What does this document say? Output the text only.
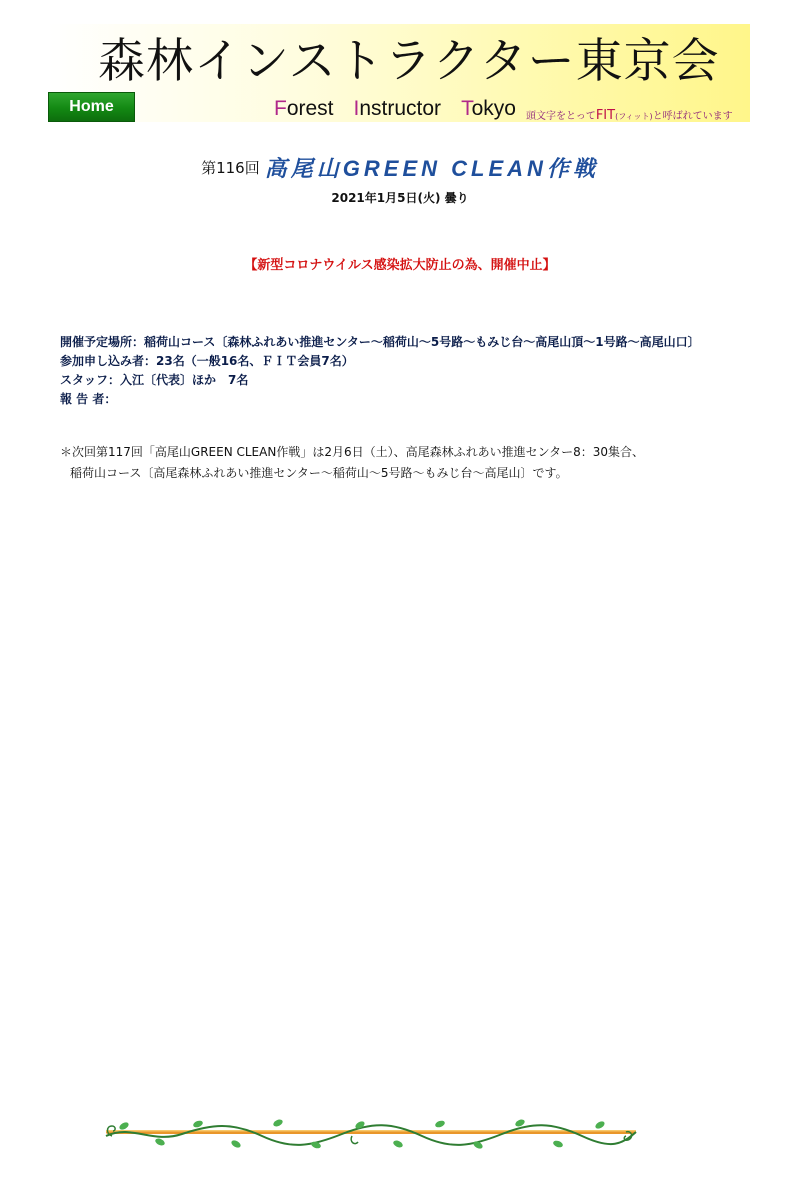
森林インストラクター東京会
Home	Forest Instructor Tokyo 頭文字をとってFIT(フィット)と呼ばれています
第116回 高尾山GREEN CLEAN作戦
2021年1月5日(火) 曇り
【新型コロナウイルス感染拡大防止の為、開催中止】
開催予定場所：稲荷山コース〔森林ふれあい推進センター～稲荷山～5号路～もみじ台～高尾山頂～1号路～高尾山口〕
参加申し込み者：23名（一般16名、ＦＩＴ会員7名）
スタッフ：入江〔代表〕ほか　7名
報 告 者：
＊次回第117回「高尾山GREEN CLEAN作戦」は2月6日（土）、高尾森林ふれあい推進センター8：30集合、
稲荷山コース〔高尾森林ふれあい推進センター～稲荷山～5号路～もみじ台～高尾山〕です。
